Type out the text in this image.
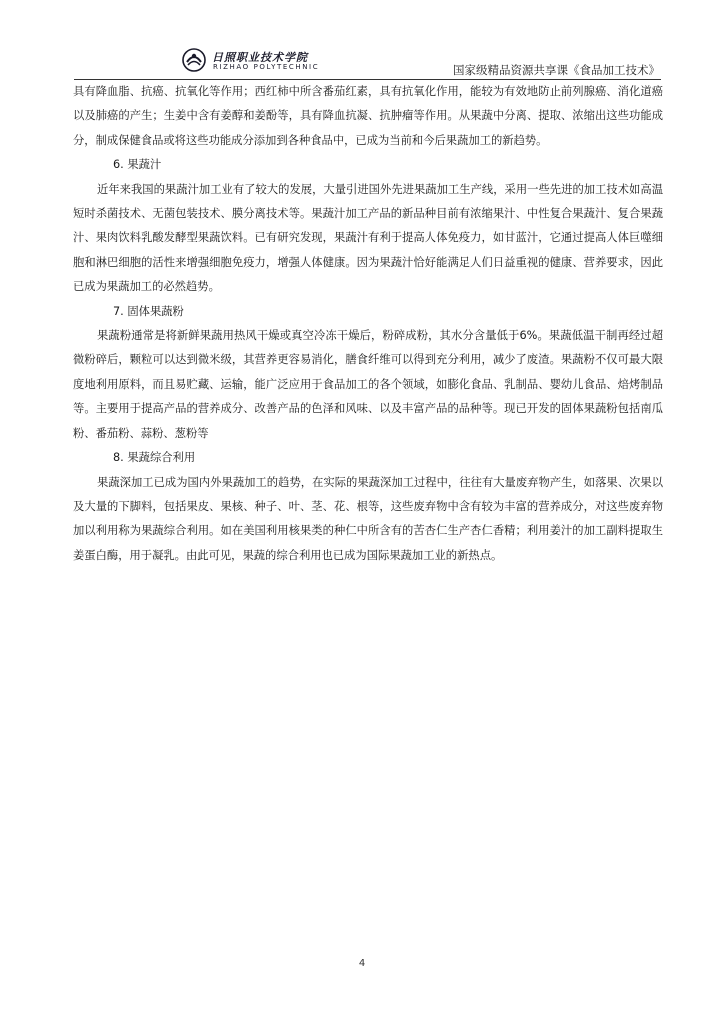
日照职业技术学院
RIZHAO POLYTECHNIC	国家级精品资源共享课《食品加工技术》

具有降血脂、抗癌、抗氧化等作用；西红柿中所含番茄红素，具有抗氧化作用，能较为有效地防止前列腺癌、消化道癌以及肺癌的产生；生姜中含有姜醇和姜酚等，具有降血抗凝、抗肿瘤等作用。从果蔬中分离、提取、浓缩出这些功能成分，制成保健食品或将这些功能成分添加到各种食品中，已成为当前和今后果蔬加工的新趋势。

6. 果蔬汁

近年来我国的果蔬汁加工业有了较大的发展，大量引进国外先进果蔬加工生产线，采用一些先进的加工技术如高温短时杀菌技术、无菌包装技术、膜分离技术等。果蔬汁加工产品的新品种目前有浓缩果汁、中性复合果蔬汁、复合果蔬汁、果肉饮料乳酸发酵型果蔬饮料。已有研究发现，果蔬汁有利于提高人体免疫力，如甘蓝汁，它通过提高人体巨噬细胞和淋巴细胞的活性来增强细胞免疫力，增强人体健康。因为果蔬汁恰好能满足人们日益重视的健康、营养要求，因此已成为果蔬加工的必然趋势。

7. 固体果蔬粉

果蔬粉通常是将新鲜果蔬用热风干燥或真空冷冻干燥后，粉碎成粉，其水分含量低于6%。果蔬低温干制再经过超微粉碎后，颗粒可以达到微米级，其营养更容易消化，膳食纤维可以得到充分利用，减少了废渣。果蔬粉不仅可最大限度地利用原料，而且易贮藏、运输，能广泛应用于食品加工的各个领域，如膨化食品、乳制品、婴幼儿食品、焙烤制品等。主要用于提高产品的营养成分、改善产品的色泽和风味、以及丰富产品的品种等。现已开发的固体果蔬粉包括南瓜粉、番茄粉、蒜粉、葱粉等

8. 果蔬综合利用

果蔬深加工已成为国内外果蔬加工的趋势，在实际的果蔬深加工过程中，往往有大量废弃物产生，如落果、次果以及大量的下脚料，包括果皮、果核、种子、叶、茎、花、根等，这些废弃物中含有较为丰富的营养成分，对这些废弃物加以利用称为果蔬综合利用。如在美国利用核果类的种仁中所含有的苦杏仁生产杏仁香精；利用姜汁的加工副料提取生姜蛋白酶，用于凝乳。由此可见，果蔬的综合利用也已成为国际果蔬加工业的新热点。

4
